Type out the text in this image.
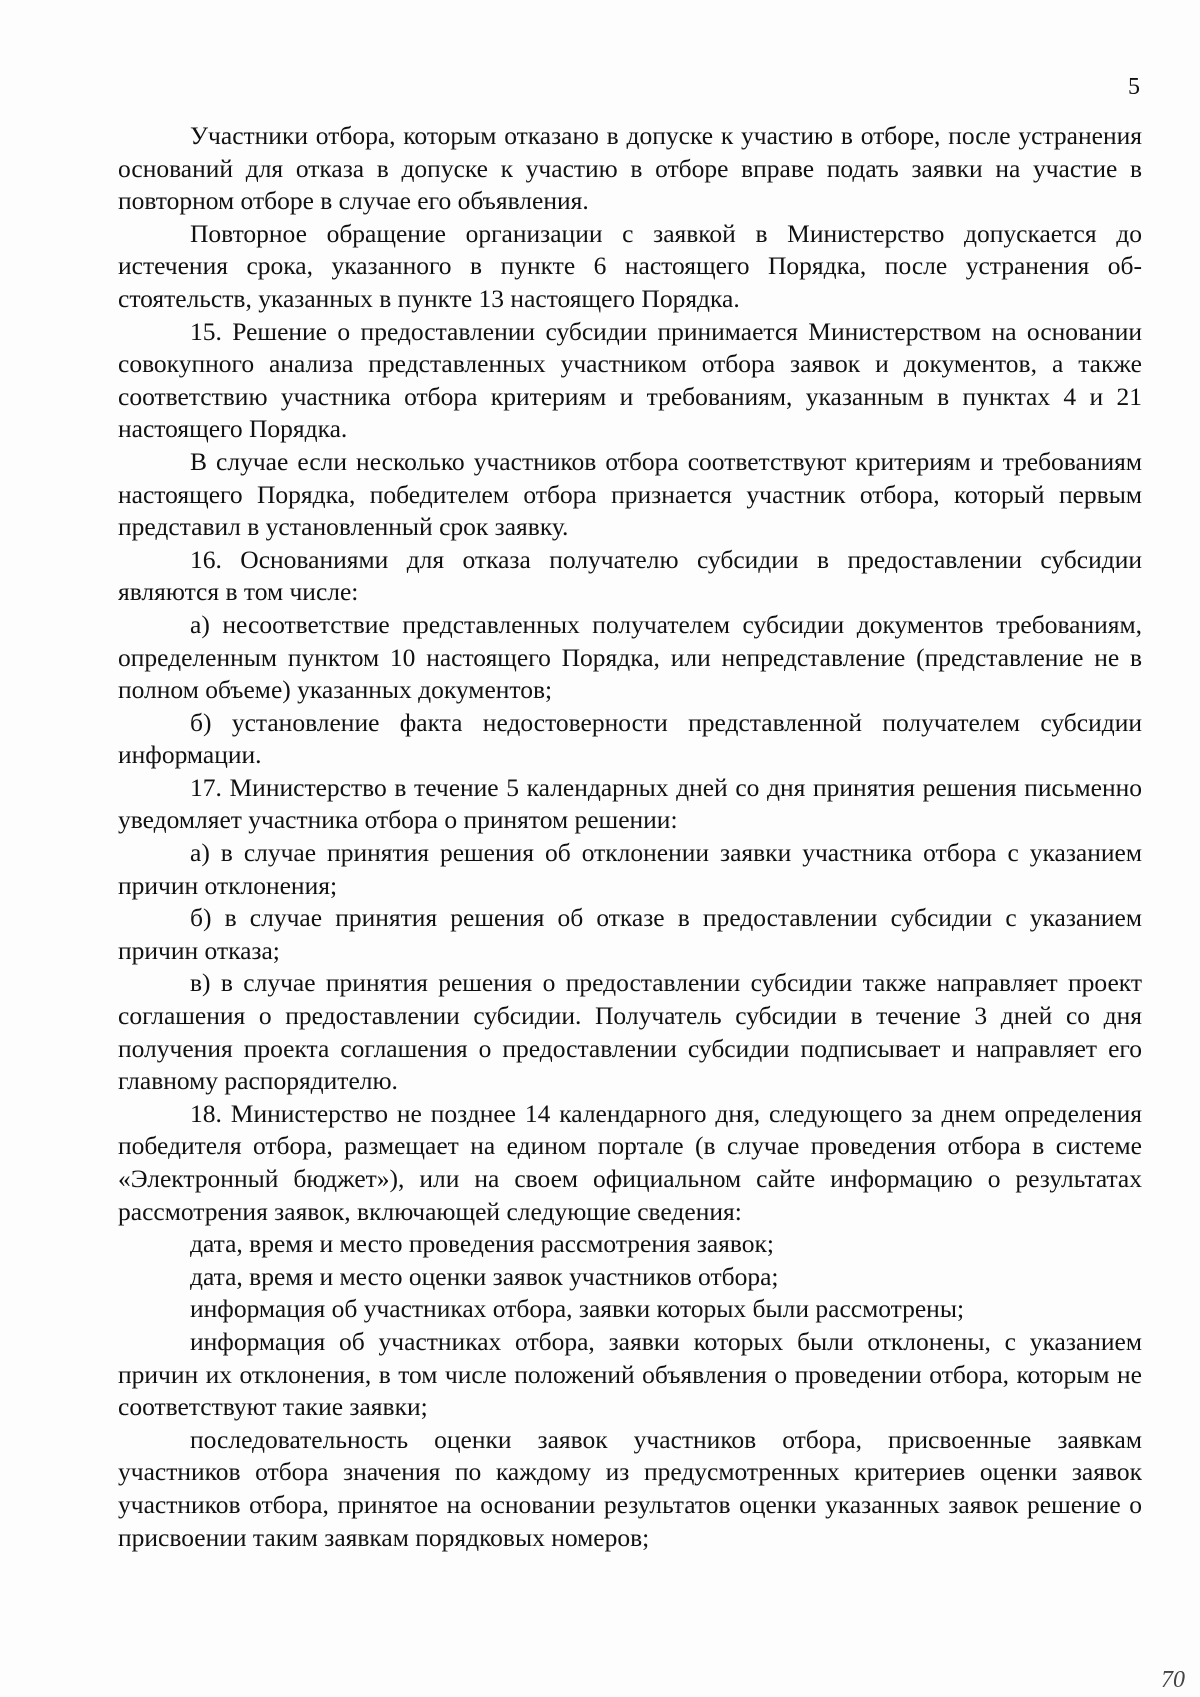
5

Участники отбора, которым отказано в допуске к участию в отборе, после устранения оснований для отказа в допуске к участию в отборе вправе подать заявки на участие в повторном отборе в случае его объявления.

Повторное обращение организации с заявкой в Министерство допускается до истечения срока, указанного в пункте 6 настоящего Порядка, после устранения обстоятельств, указанных в пункте 13 настоящего Порядка.

15. Решение о предоставлении субсидии принимается Министерством на основании совокупного анализа представленных участником отбора заявок и документов, а также соответствию участника отбора критериям и требованиям, указанным в пунктах 4 и 21 настоящего Порядка.

В случае если несколько участников отбора соответствуют критериям и требованиям настоящего Порядка, победителем отбора признается участник отбора, который первым представил в установленный срок заявку.

16. Основаниями для отказа получателю субсидии в предоставлении субсидии являются в том числе:

а) несоответствие представленных получателем субсидии документов требованиям, определенным пунктом 10 настоящего Порядка, или непредставление (представление не в полном объеме) указанных документов;

б) установление факта недостоверности представленной получателем субсидии информации.

17. Министерство в течение 5 календарных дней со дня принятия решения письменно уведомляет участника отбора о принятом решении:

а) в случае принятия решения об отклонении заявки участника отбора с указанием причин отклонения;

б) в случае принятия решения об отказе в предоставлении субсидии с указанием причин отказа;

в) в случае принятия решения о предоставлении субсидии также направляет проект соглашения о предоставлении субсидии. Получатель субсидии в течение 3 дней со дня получения проекта соглашения о предоставлении субсидии подписывает и направляет его главному распорядителю.

18. Министерство не позднее 14 календарного дня, следующего за днем определения победителя отбора, размещает на едином портале (в случае проведения отбора в системе «Электронный бюджет»), или на своем официальном сайте информацию о результатах рассмотрения заявок, включающей следующие сведения:

дата, время и место проведения рассмотрения заявок;

дата, время и место оценки заявок участников отбора;

информация об участниках отбора, заявки которых были рассмотрены;

информация об участниках отбора, заявки которых были отклонены, с указанием причин их отклонения, в том числе положений объявления о проведении отбора, которым не соответствуют такие заявки;

последовательность оценки заявок участников отбора, присвоенные заявкам участников отбора значения по каждому из предусмотренных критериев оценки заявок участников отбора, принятое на основании результатов оценки указанных заявок решение о присвоении таким заявкам порядковых номеров;

70
